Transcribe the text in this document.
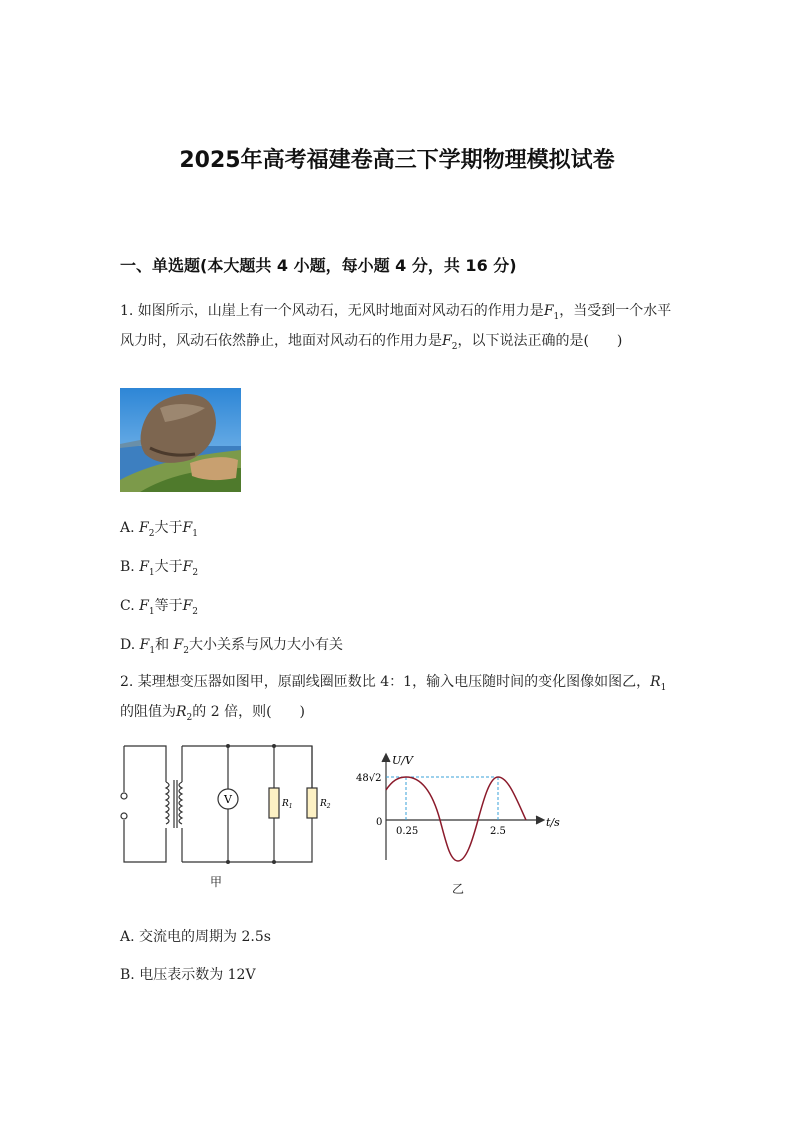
2025年高考福建卷高三下学期物理模拟试卷
一、单选题(本大题共 4 小题，每小题 4 分，共 16 分)
1. 如图所示，山崖上有一个风动石，无风时地面对风动石的作用力是$F_1$，当受到一个水平风力时，风动石依然静止，地面对风动石的作用力是$F_2$，以下说法正确的是(　　)
A. $F_2$大于$F_1$
B. $F_1$大于$F_2$
C. $F_1$等于$F_2$
D. $F_1$和 $F_2$大小关系与风力大小有关
2. 某理想变压器如图甲，原副线圈匝数比 4：1，输入电压随时间的变化图像如图乙，$R_1$的阻值为$R_2$的 2 倍，则(　　)
V	$R_1$	$R_2$
甲
U/V
t/s
48√2
0
0.25	2.5
乙
A. 交流电的周期为 2.5s
B. 电压表示数为 12V
